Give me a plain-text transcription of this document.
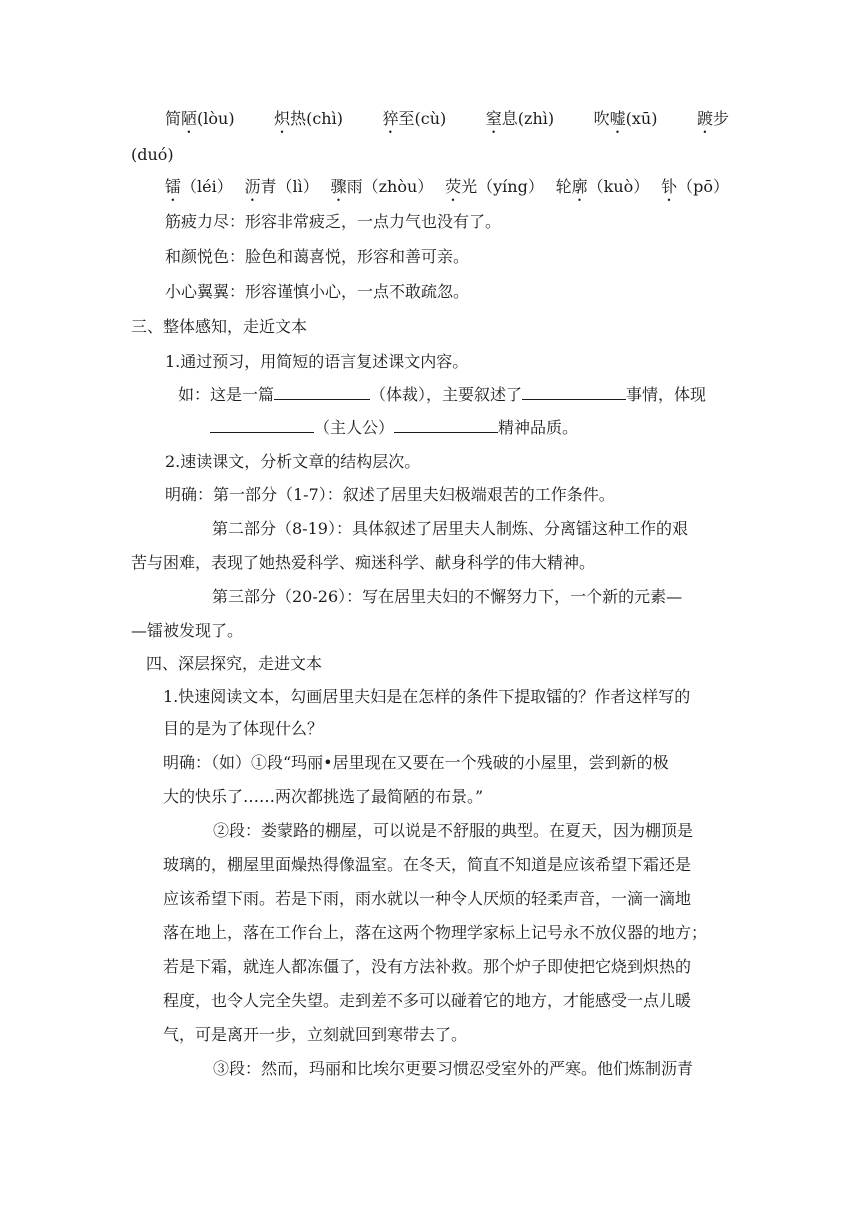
简陋(lòu) 炽热(chì) 猝至(cù) 窒息(zhì) 吹嘘(xū) 踱步
(duó)
镭（léi） 沥青（lì） 骤雨（zhòu） 荧光（yíng） 轮廓（kuò） 钋（pō）
筋疲力尽：形容非常疲乏，一点力气也没有了。
和颜悦色：脸色和蔼喜悦，形容和善可亲。
小心翼翼：形容谨慎小心，一点不敢疏忽。
三、整体感知，走近文本
1.通过预习，用简短的语言复述课文内容。
如：这是一篇	（体裁），主要叙述了	事情，体现
（主人公）	精神品质。
2.速读课文，分析文章的结构层次。
明确：第一部分（1-7）：叙述了居里夫妇极端艰苦的工作条件。
第二部分（8-19）：具体叙述了居里夫人制炼、分离镭这种工作的艰
苦与困难，表现了她热爱科学、痴迷科学、献身科学的伟大精神。
第三部分（20-26）：写在居里夫妇的不懈努力下，一个新的元素—
—镭被发现了。
四、深层探究，走进文本
1.快速阅读文本，勾画居里夫妇是在怎样的条件下提取镭的？作者这样写的
目的是为了体现什么？
明确：（如）①段“玛丽•居里现在又要在一个残破的小屋里，尝到新的极
大的快乐了……两次都挑选了最简陋的布景。”
②段：娄蒙路的棚屋，可以说是不舒服的典型。在夏天，因为棚顶是
玻璃的，棚屋里面燥热得像温室。在冬天，简直不知道是应该希望下霜还是
应该希望下雨。若是下雨，雨水就以一种令人厌烦的轻柔声音，一滴一滴地
落在地上，落在工作台上，落在这两个物理学家标上记号永不放仪器的地方；
若是下霜，就连人都冻僵了，没有方法补救。那个炉子即使把它烧到炽热的
程度，也令人完全失望。走到差不多可以碰着它的地方，才能感受一点儿暖
气，可是离开一步，立刻就回到寒带去了。
③段：然而，玛丽和比埃尔更要习惯忍受室外的严寒。他们炼制沥青
